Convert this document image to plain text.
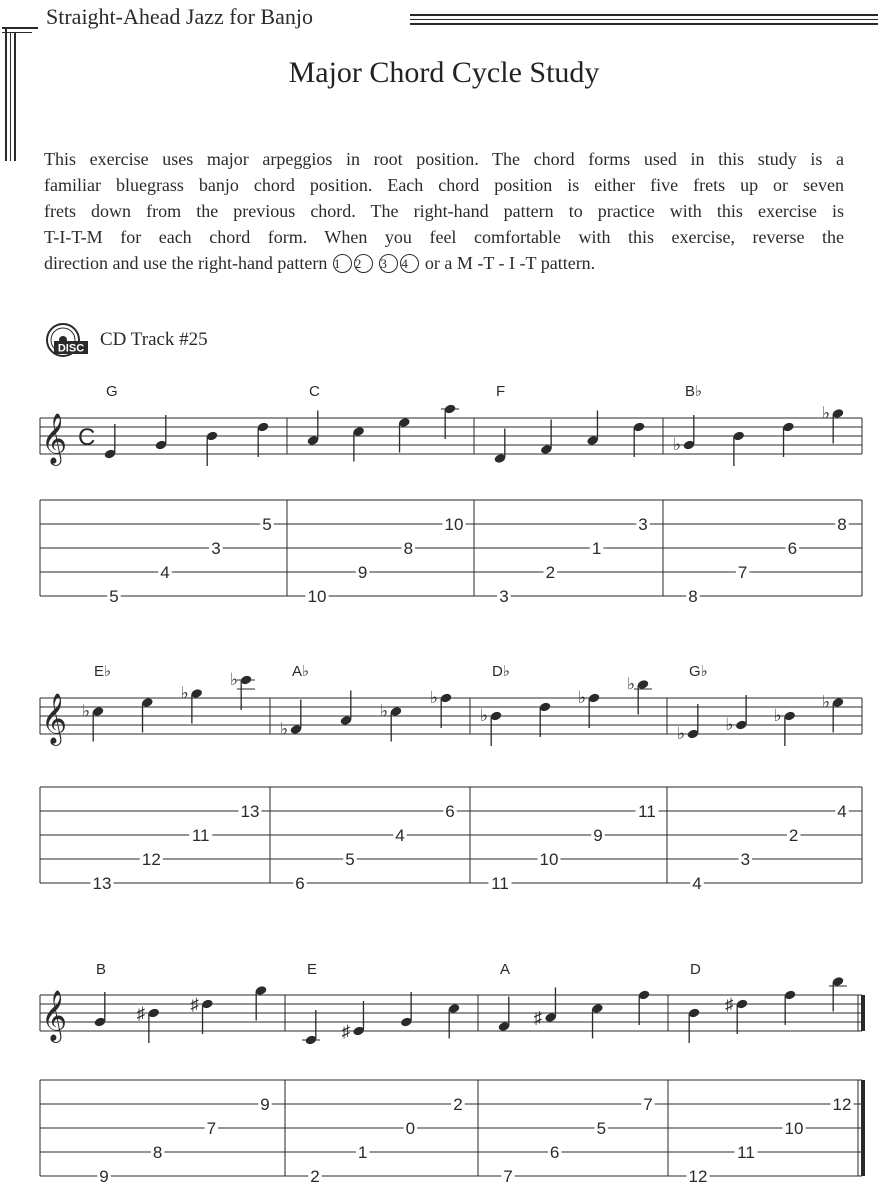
Straight-Ahead Jazz for Banjo
Major Chord Cycle Study
This exercise uses major arpeggios in root position. The chord forms used in this study is a
familiar bluegrass banjo chord position. Each chord position is either five frets up or seven
frets down from the previous chord. The right-hand pattern to practice with this exercise is
T-I-T-M for each chord form. When you feel comfortable with this exercise, reverse the
direction and use the right-hand pattern 1 2 3 4 or a M -T - I -T pattern.
DISC CD Track #25
𝄞 C
G
5
4
3
5
C
10
9
8
10
F
3
2
1
3
B♭
♭
♭
8
7
6
8
𝄞
E♭
♭
♭
♭
13
12
11
13
A♭
♭
♭
♭
6
5
4
6
D♭
♭
♭
♭
11
10
9
11
G♭
♭ ♭ ♭
♭
4
3
2
4
𝄞
B
♯	♯
9
8
7
9
E
♯
2
1
0
2
A
♯
7
6
5
7
D
♯
12
11
10
12
